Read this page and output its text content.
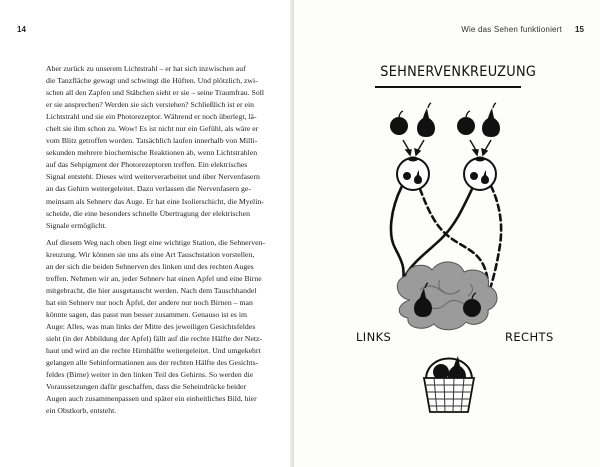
14

Aber zurück zu unserem Lichtstrahl – er hat sich inzwischen auf
die Tanzfläche gewagt und schwingt die Hüften. Und plötzlich, zwi-
schen all den Zapfen und Stäbchen sieht er sie – seine Traumfrau. Soll
er sie ansprechen? Werden sie sich verstehen? Schließlich ist er ein
Lichtstrahl und sie ein Photorezeptor. Während er noch überlegt, lä-
chelt sie ihm schon zu. Wow! Es ist nicht nur ein Gefühl, als wäre er
vom Blitz getroffen worden. Tatsächlich laufen innerhalb von Milli-
sekunden mehrere biochemische Reaktionen ab, wenn Lichtstrahlen
auf das Sehpigment der Photorezeptoren treffen. Ein elektrisches
Signal entsteht. Dieses wird weiterverarbeitet und über Nervenfasern
an das Gehirn weitergeleitet. Dazu verlassen die Nervenfasern ge-
meinsam als Sehnerv das Auge. Er hat eine Isolierschicht, die Myelin-
scheide, die eine besonders schnelle Übertragung der elektrischen
Signale ermöglicht.

Auf diesem Weg nach oben liegt eine wichtige Station, die Sehnerven-
kreuzung. Wir können sie uns als eine Art Tauschstation vorstellen,
an der sich die beiden Sehnerven des linken und des rechten Auges
treffen. Nehmen wir an, jeder Sehnerv hat einen Apfel und eine Birne
mitgebracht, die hier ausgetauscht werden. Nach dem Tauschhandel
hat ein Sehnerv nur noch Äpfel, der andere nur noch Birnen – man
könnte sagen, das passt nun besser zusammen. Genauso ist es im
Auge: Alles, was man links der Mitte des jeweiligen Gesichtsfeldes
sieht (in der Abbildung der Apfel) fällt auf die rechte Hälfte der Netz-
haut und wird an die rechte Hirnhälfte weitergeleitet. Und umgekehrt
gelangen alle Sehinformationen aus der rechten Hälfte des Gesichts-
feldes (Birne) weiter in den linken Teil des Gehirns. So werden die
Voraussetzungen dafür geschaffen, dass die Seheindrücke beider
Augen auch zusammenpassen und später ein einheitliches Bild, hier
ein Obstkorb, entsteht.

Wie das Sehen funktioniert 15
SEHNERVENKREUZUNG
LINKS	RECHTS
